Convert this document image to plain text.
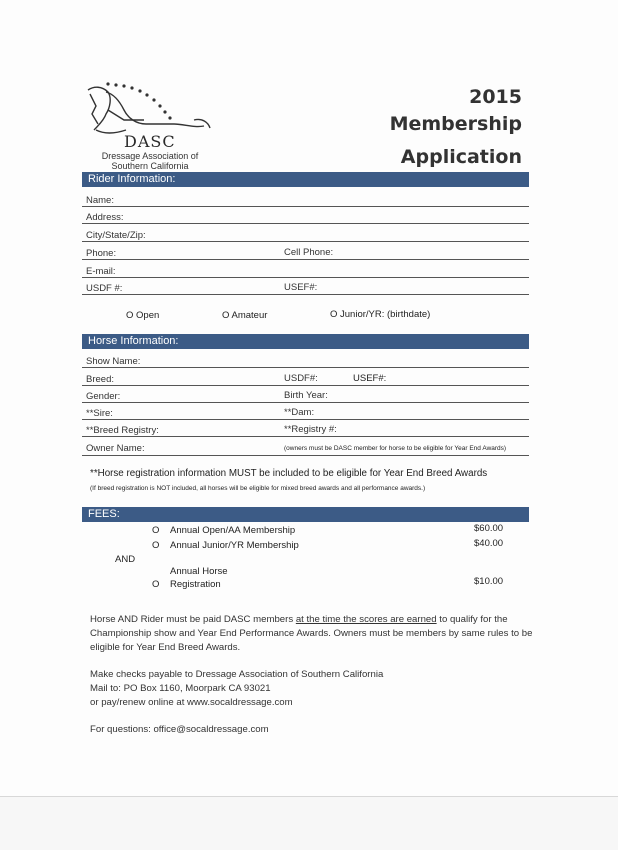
DASC
Dressage Association of
Southern California
2015
Membership
Application
Rider Information:
Name:
Address:
City/State/Zip:
Phone:	Cell Phone:
E-mail:
USDF #:	USEF#:
O Open	O Amateur	O Junior/YR: (birthdate)
Horse Information:
Show Name:
Breed:	USDF#:	USEF#:
Gender:	Birth Year:
**Sire:	**Dam:
**Breed Registry:	**Registry #:
Owner Name:	(owners must be DASC member for horse to be eligible for Year End Awards)
**Horse registration information MUST be included to be eligible for Year End Breed Awards
(If breed registration is NOT included, all horses will be eligible for mixed breed awards and all performance awards.)
FEES:
O Annual Open/AA Membership	$60.00
O Annual Junior/YR Membership	$40.00
AND
Annual Horse
O Registration	$10.00
Horse AND Rider must be paid DASC members at the time the scores are earned to qualify for the
Championship show and Year End Performance Awards. Owners must be members by same rules to be
eligible for Year End Breed Awards.
Make checks payable to Dressage Association of Southern California
Mail to: PO Box 1160, Moorpark CA 93021
or pay/renew online at www.socaldressage.com
For questions: office@socaldressage.com
